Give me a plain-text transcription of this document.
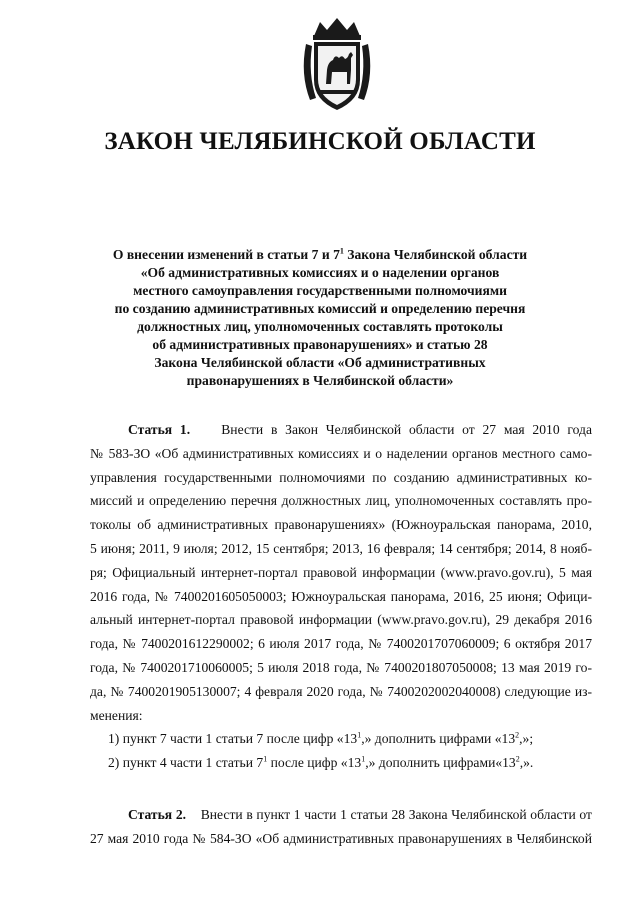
ЗАКОН ЧЕЛЯБИНСКОЙ ОБЛАСТИ
О внесении изменений в статьи 7 и $7^1$ Закона Челябинской области
«Об административных комиссиях и о наделении органов
местного самоуправления государственными полномочиями
по созданию административных комиссий и определению перечня
должностных лиц, уполномоченных составлять протоколы
об административных правонарушениях» и статью 28
Закона Челябинской области «Об административных
правонарушениях в Челябинской области»
Статья 1. Внести в Закон Челябинской области от 27 мая 2010 года
№ 583-ЗО «Об административных комиссиях и о наделении органов местного само-
управления государственными полномочиями по созданию административных ко-
миссий и определению перечня должностных лиц, уполномоченных составлять про-
токолы об административных правонарушениях» (Южноуральская панорама, 2010,
5 июня; 2011, 9 июля; 2012, 15 сентября; 2013, 16 февраля; 14 сентября; 2014, 8 нояб-
ря; Официальный интернет-портал правовой информации (www.pravo.gov.ru), 5 мая
2016 года, № 7400201605050003; Южноуральская панорама, 2016, 25 июня; Офици-
альный интернет-портал правовой информации (www.pravo.gov.ru), 29 декабря 2016
года, № 7400201612290002; 6 июля 2017 года, № 7400201707060009; 6 октября 2017
года, № 7400201710060005; 5 июля 2018 года, № 7400201807050008; 13 мая 2019 го-
да, № 7400201905130007; 4 февраля 2020 года, № 7400202002040008) следующие из-
менения:
1) пункт 7 части 1 статьи 7 после цифр «$13^1$,» дополнить цифрами «$13^2$,»;
2) пункт 4 части 1 статьи $7^1$ после цифр «$13^1$,» дополнить $цифрами«13^2$,».
Статья 2. Внести в пункт 1 части 1 статьи 28 Закона Челябинской области от
27 мая 2010 года № 584-ЗО «Об административных правонарушениях в Челябинской
